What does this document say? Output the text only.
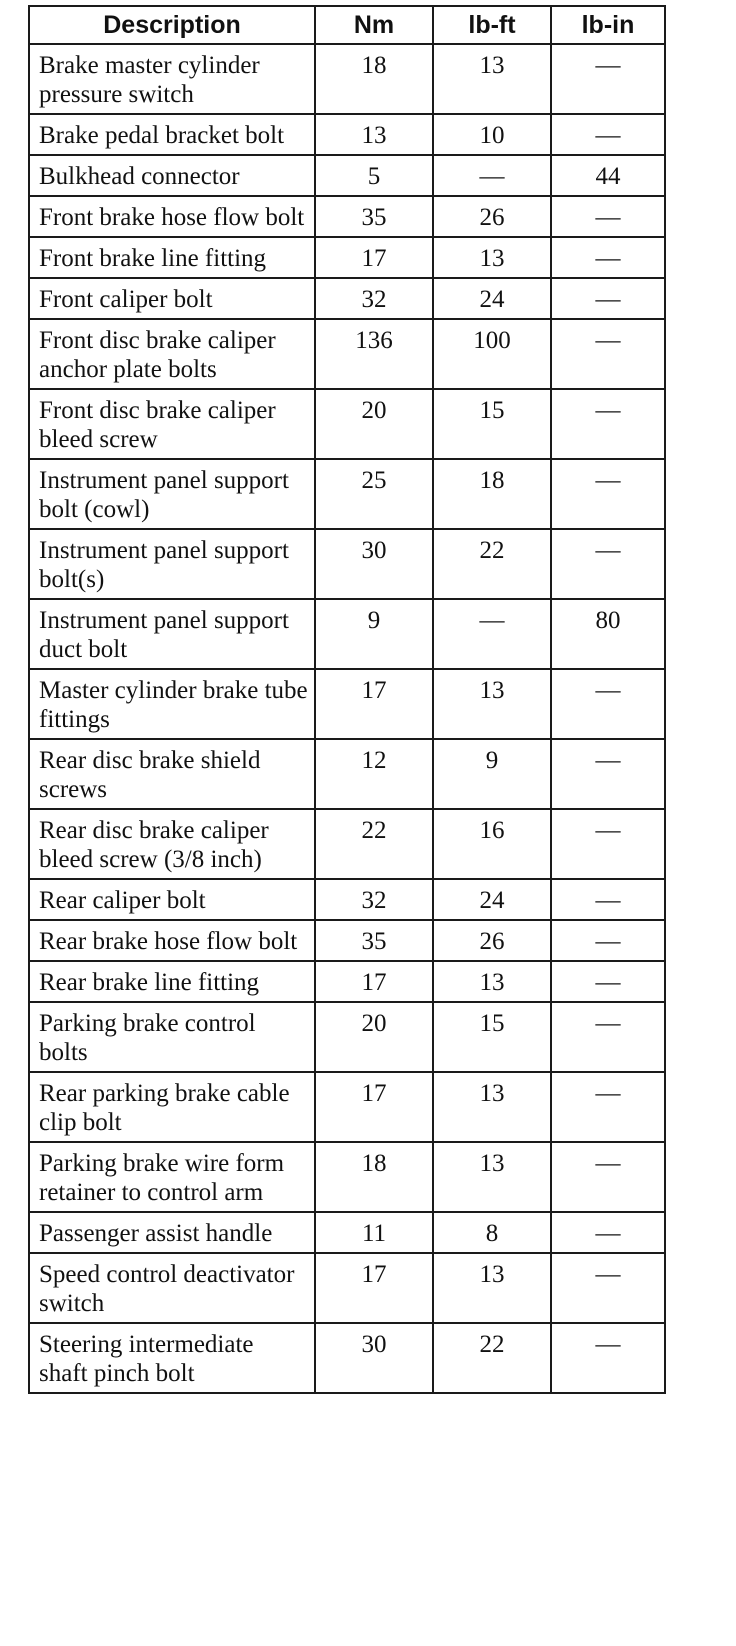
Description	Nm	lb-ft	lb-in
Brake master cylinder pressure switch	18	13	—
Brake pedal bracket bolt	13	10	—
Bulkhead connector	5	—	44
Front brake hose flow bolt	35	26	—
Front brake line fitting	17	13	—
Front caliper bolt	32	24	—
Front disc brake caliper anchor plate bolts	136	100	—
Front disc brake caliper bleed screw	20	15	—
Instrument panel support bolt (cowl)	25	18	—
Instrument panel support bolt(s)	30	22	—
Instrument panel support duct bolt	9	—	80
Master cylinder brake tube fittings	17	13	—
Rear disc brake shield screws	12	9	—
Rear disc brake caliper bleed screw (3/8 inch)	22	16	—
Rear caliper bolt	32	24	—
Rear brake hose flow bolt	35	26	—
Rear brake line fitting	17	13	—
Parking brake control bolts	20	15	—
Rear parking brake cable clip bolt	17	13	—
Parking brake wire form retainer to control arm	18	13	—
Passenger assist handle	11	8	—
Speed control deactivator switch	17	13	—
Steering intermediate shaft pinch bolt	30	22	—
